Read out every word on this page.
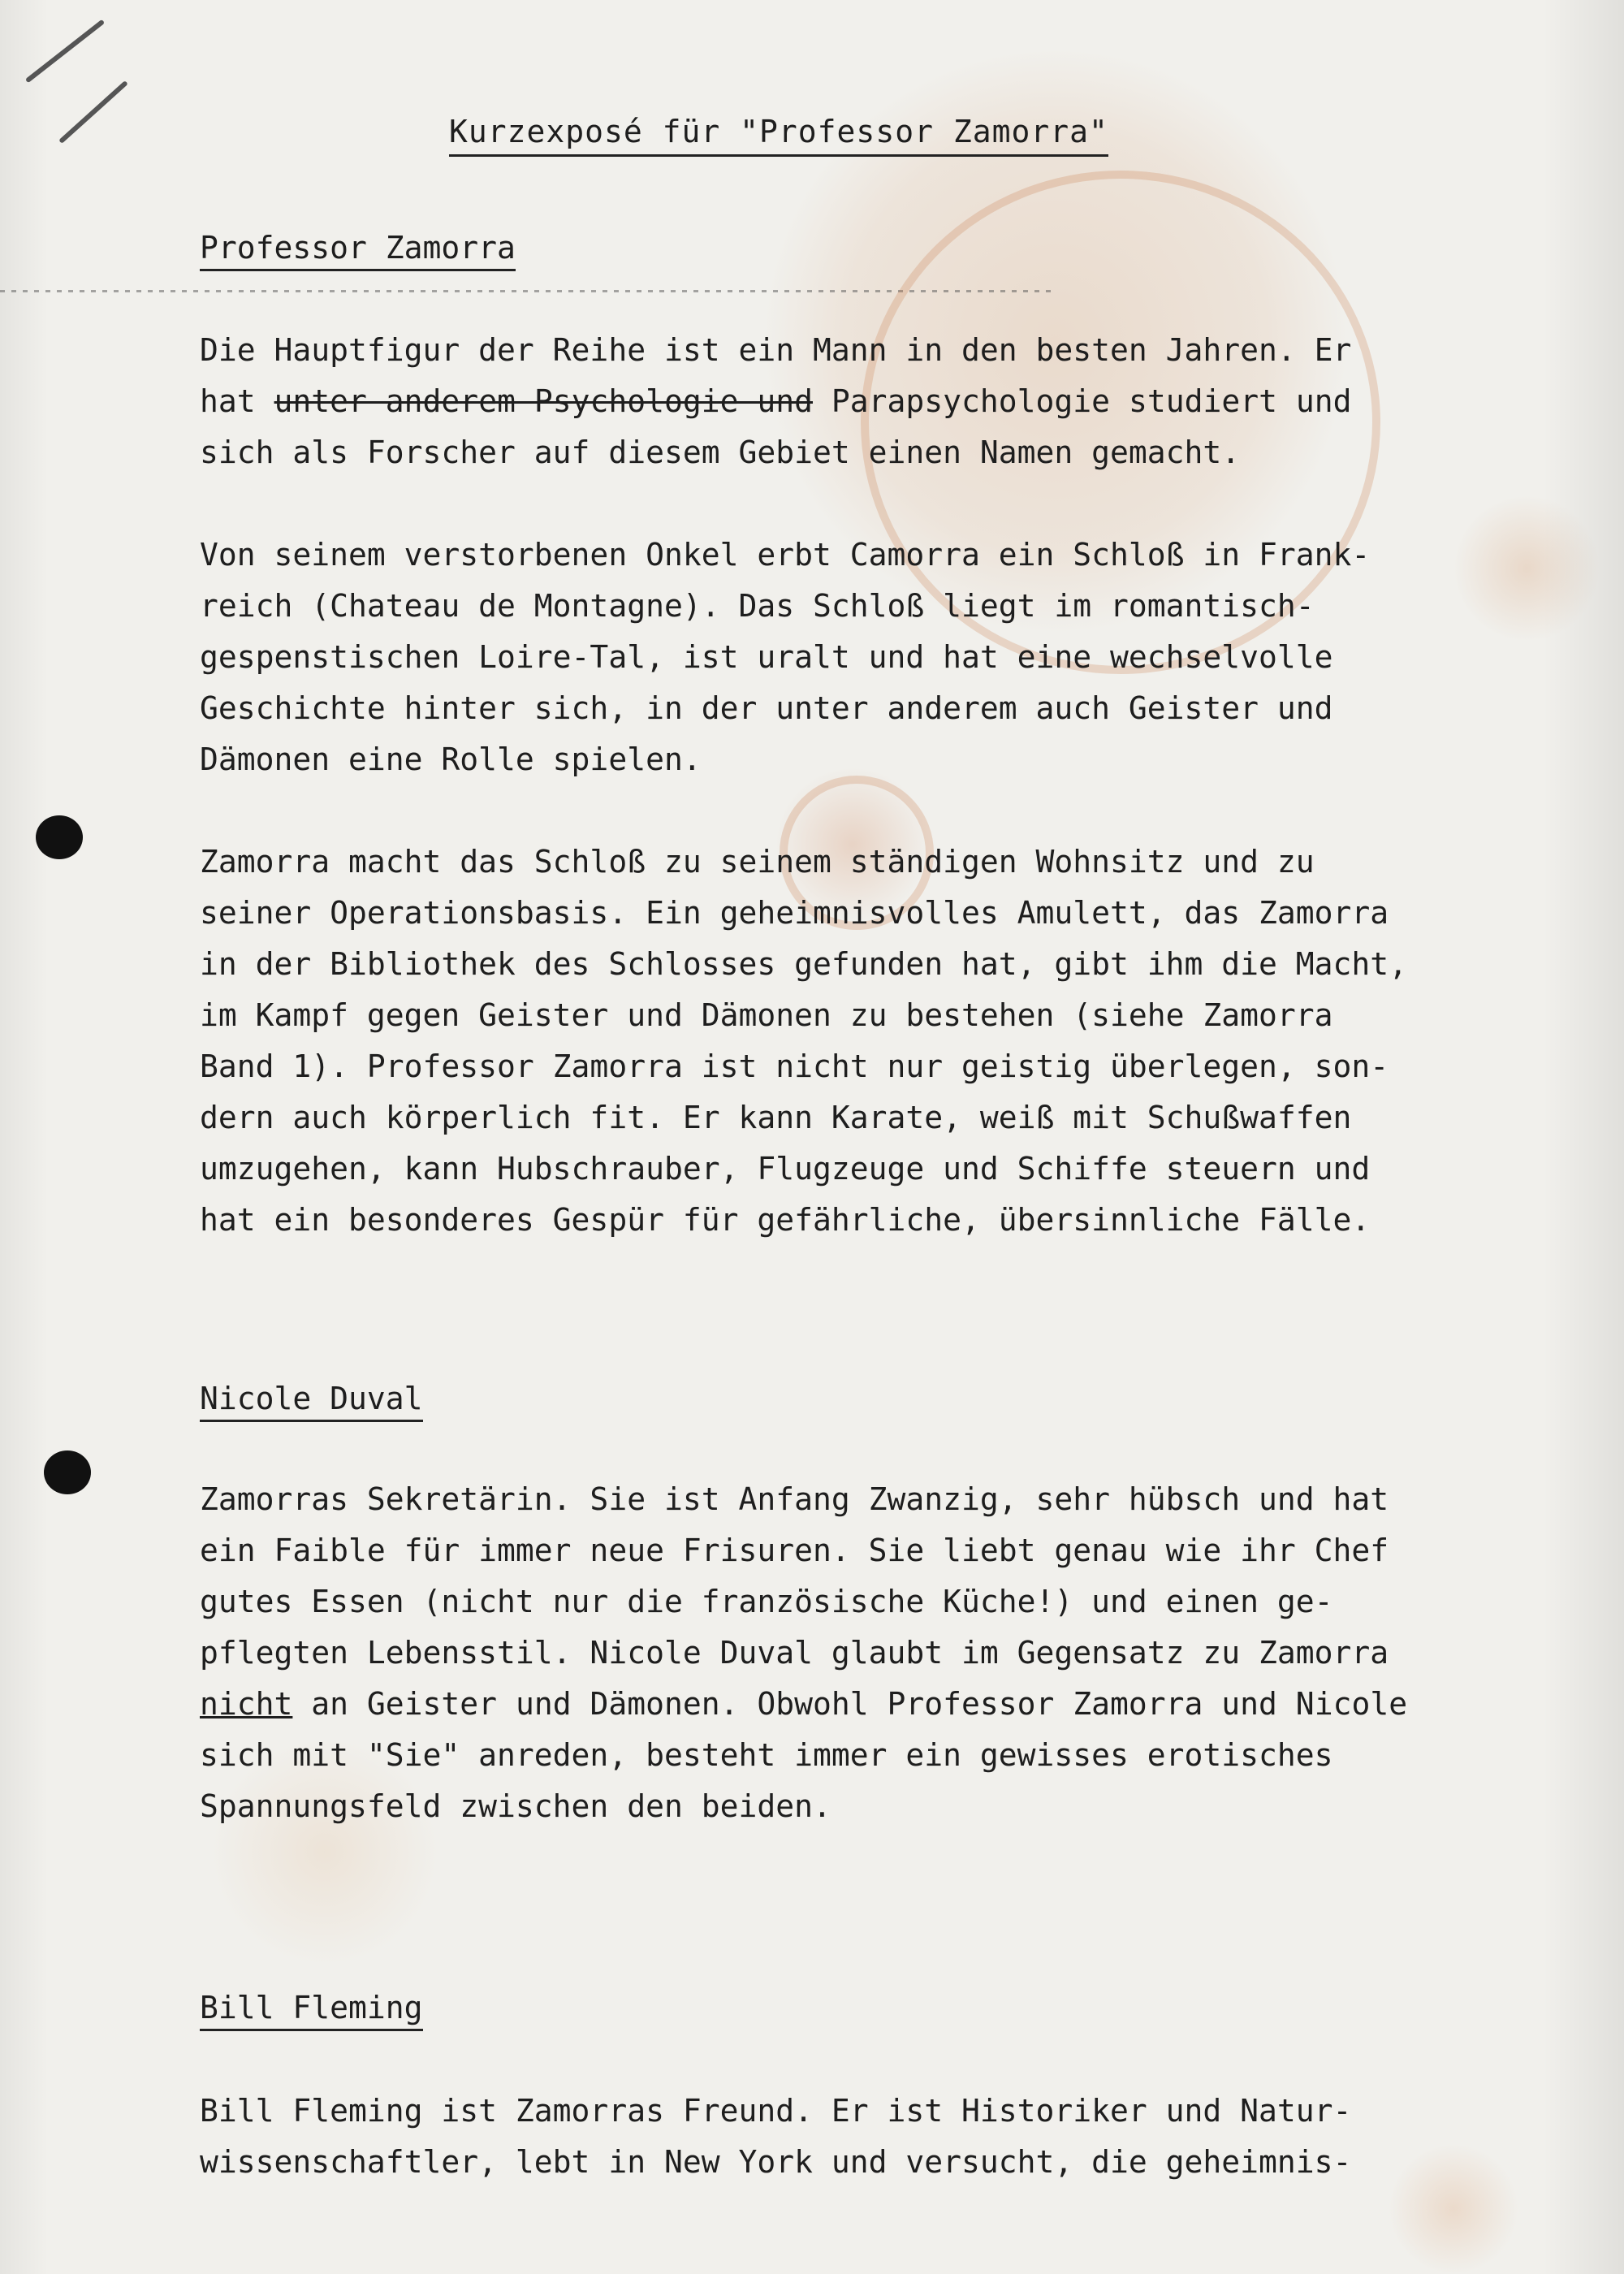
Kurzexposé für "Professor Zamorra"
Professor Zamorra
Die Hauptfigur der Reihe ist ein Mann in den besten Jahren. Er
hat unter anderem Psychologie und Parapsychologie studiert und
sich als Forscher auf diesem Gebiet einen Namen gemacht.
Von seinem verstorbenen Onkel erbt Camorra ein Schloß in Frank-
reich (Chateau de Montagne). Das Schloß liegt im romantisch-
gespenstischen Loire-Tal, ist uralt und hat eine wechselvolle
Geschichte hinter sich, in der unter anderem auch Geister und
Dämonen eine Rolle spielen.
Zamorra macht das Schloß zu seinem ständigen Wohnsitz und zu
seiner Operationsbasis. Ein geheimnisvolles Amulett, das Zamorra
in der Bibliothek des Schlosses gefunden hat, gibt ihm die Macht,
im Kampf gegen Geister und Dämonen zu bestehen (siehe Zamorra
Band 1). Professor Zamorra ist nicht nur geistig überlegen, son-
dern auch körperlich fit. Er kann Karate, weiß mit Schußwaffen
umzugehen, kann Hubschrauber, Flugzeuge und Schiffe steuern und
hat ein besonderes Gespür für gefährliche, übersinnliche Fälle.
Nicole Duval
Zamorras Sekretärin. Sie ist Anfang Zwanzig, sehr hübsch und hat
ein Faible für immer neue Frisuren. Sie liebt genau wie ihr Chef
gutes Essen (nicht nur die französische Küche!) und einen ge-
pflegten Lebensstil. Nicole Duval glaubt im Gegensatz zu Zamorra
nicht an Geister und Dämonen. Obwohl Professor Zamorra und Nicole
sich mit "Sie" anreden, besteht immer ein gewisses erotisches
Spannungsfeld zwischen den beiden.
Bill Fleming
Bill Fleming ist Zamorras Freund. Er ist Historiker und Natur-
wissenschaftler, lebt in New York und versucht, die geheimnis-
